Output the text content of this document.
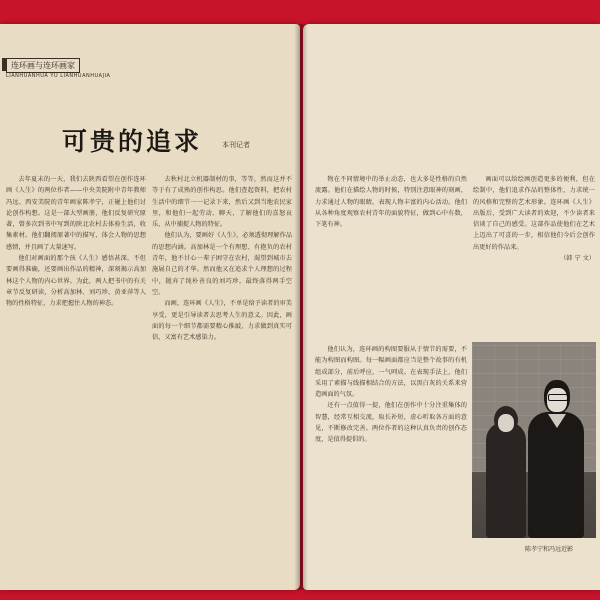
连环画与连环画家
LIANHUANHUA YU LIANHUANHUAJIA
可贵的追求	本刊记者

去年夏末的一天，我们去陕西看望在创作连环画《人生》的两位作者——中央美院附中青年教师冯远、西安美院的青年画家陈孝宁，正碰上他们讨论创作构想。这是一部大型画册，他们反复研究原著，曾多次到书中写到的陕北农村去体验生活，收集素材。他们翻阅原著中的描写，体会人物的思想感情，并且画了大量速写。

他们对画面的那个孩《人生》感悟甚深，不但要画得准确，还要画出作品的精神，深刻揭示高加林这个人物的内心世界。为此，两人把书中的有关章节反复研读，分析高加林、刘巧珍、黄亚萍等人物的性格特征，力求把握住人物的神态。

去秋村北立机器制材的事，等等，然而这并不等于有了成熟的创作构思。他们查起资料，把农村生活中的细节一一记录下来，然后又到当地农民家里，和他们一起劳动、聊天，了解他们的喜怒哀乐，从中捕捉人物的特征。

他们认为，要画好《人生》，必须透彻理解作品的思想内涵。高加林是一个有理想、有抱负的农村青年，他不甘心一辈子困守在农村，渴望到城市去施展自己的才华。然而他又在追求个人理想的过程中，抛弃了纯朴善良的刘巧珍，最终落得两手空空。

而画，连环画《人生》，不单是给予读者的审美享受，更是引导读者去思考人生的意义。因此，画面的每一个细节都需要精心推敲，力求做到真实可信，又富有艺术感染力。

物在不同情境中的举止动态，也大多是性格的自然流露。他们在描绘人物的时候，特别注意眼神的刻画，力求通过人物的眼睛，表现人物丰富的内心活动。他们从各种角度观察农村青年的面貌特征，做到心中有数，下笔有神。

他们认为，连环画的构图要服从于情节的需要，不能为构图而构图。每一幅画面都应当是整个故事的有机组成部分，前后呼应，一气呵成。在表现手法上，他们采用了素描与线描相结合的方法，以黑白灰的关系来营造画面的气氛。

还有一点值得一提，他们在创作中十分注重集体的智慧，经常互相交流，取长补短，虚心听取各方面的意见，不断修改完善。两位作者的这种认真负责的创作态度，是值得提倡的。

画面可以给绘画创造更多的便利，但在绘制中，他们追求作品的整体性，力求统一的风格和完整的艺术形象。连环画《人生》出版后，受到广大读者的欢迎，不少读者来信谈了自己的感受。这部作品使他们在艺术上迈出了可喜的一步，相信他们今后会创作出更好的作品来。

（韩 宁 文）

陈孝宁和冯远近影
